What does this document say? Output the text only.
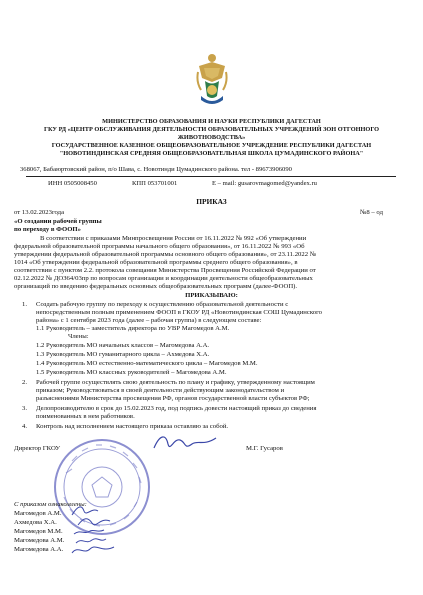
МИНИСТЕРСТВО ОБРАЗОВАНИЯ И НАУКИ РЕСПУБЛИКИ ДАГЕСТАН
ГКУ РД «ЦЕНТР ОБСЛУЖИВАНИЯ ДЕЯТЕЛЬНОСТИ ОБРАЗОВАТЕЛЬНЫХ УЧРЕЖДЕНИЙ ЗОН ОТГОННОГО
ЖИВОТНОВОДСТВА»
ГОСУДАРСТВЕННОЕ КАЗЕННОЕ ОБЩЕОБРАЗОВАТЕЛЬНОЕ УЧРЕЖДЕНИЕ РЕСПУБЛИКИ ДАГЕСТАН
"НОВОТИНДИНСКАЯ СРЕДНЯЯ ОБЩЕОБРАЗОВАТЕЛЬНАЯ ШКОЛА ЦУМАДИНСКОГО РАЙОНА"
368067, Бабаюртовский район, п/о Шава, с. Новотинди Цумадинского района. тел - 89673906090
ИНН 0505008450	КПП 053701001	E – mail: gusarovmagomed@yandex.ru
ПРИКАЗ
от 13.02.2023года	№8 – од
«О создании рабочей группы
по переходу в ФООП»
В соответствии с приказами Минпросвещения России от 16.11.2022 № 992 «Об утверждении
федеральной образовательной программы начального общего образования», от 16.11.2022 № 993 «Об
утверждении федеральной образовательной программы основного общего образования», от 23.11.2022 №
1014 «Об утверждении федеральной образовательной программы среднего общего образования», в
соответствии с пунктом 2.2. протокола совещания Министерства Просвещения Российской Федерации от
02.12.2022 № ДОЗ64/03пр по вопросам организации и координации деятельности общеобразовательных
организаций по введению федеральных основных общеобразовательных программ (далее-ФООП).
ПРИКАЗЫВАЮ:
1. Создать рабочую группу по переходу к осуществлению образовательной деятельности с
непосредственным полным применением ФООП в ГКОУ РД «Новотиндинская СОШ Цумадинского
района» с 1 сентября 2023 года (далее – рабочая группа) в следующем составе:
1.1 Руководитель – заместитель директора по УВР Магомедов А.М.
Члены:
1.2 Руководитель МО начальных классов – Магомедова А.А.
1.3 Руководитель МО гуманитарного цикла – Ахмедова Х.А.
1.4 Руководитель МО естественно-математического цикла – Магомедов М.М.
1.5 Руководитель МО классных руководителей – Магомедова А.М.
2. Рабочей группе осуществлять свою деятельность по плану и графику, утвержденному настоящим
приказом; Руководствоваться в своей деятельности действующим законодательством и
разъяснениями Министерства просвещения РФ, органов государственной власти субъектов РФ;
3. Делопроизводителю в срок до 15.02.2023 год, под подпись довести настоящий приказ до сведения
поименованных в нем работников.
4. Контроль над исполнением настоящего приказа оставляю за собой.
Директор ГКОУ	М.Г. Гусаров
С приказом ознакомлены:
Магомедов А.М.
Ахмедова Х.А.
Магомедов М.М.
Магомедова А.М.
Магомедова А.А.
